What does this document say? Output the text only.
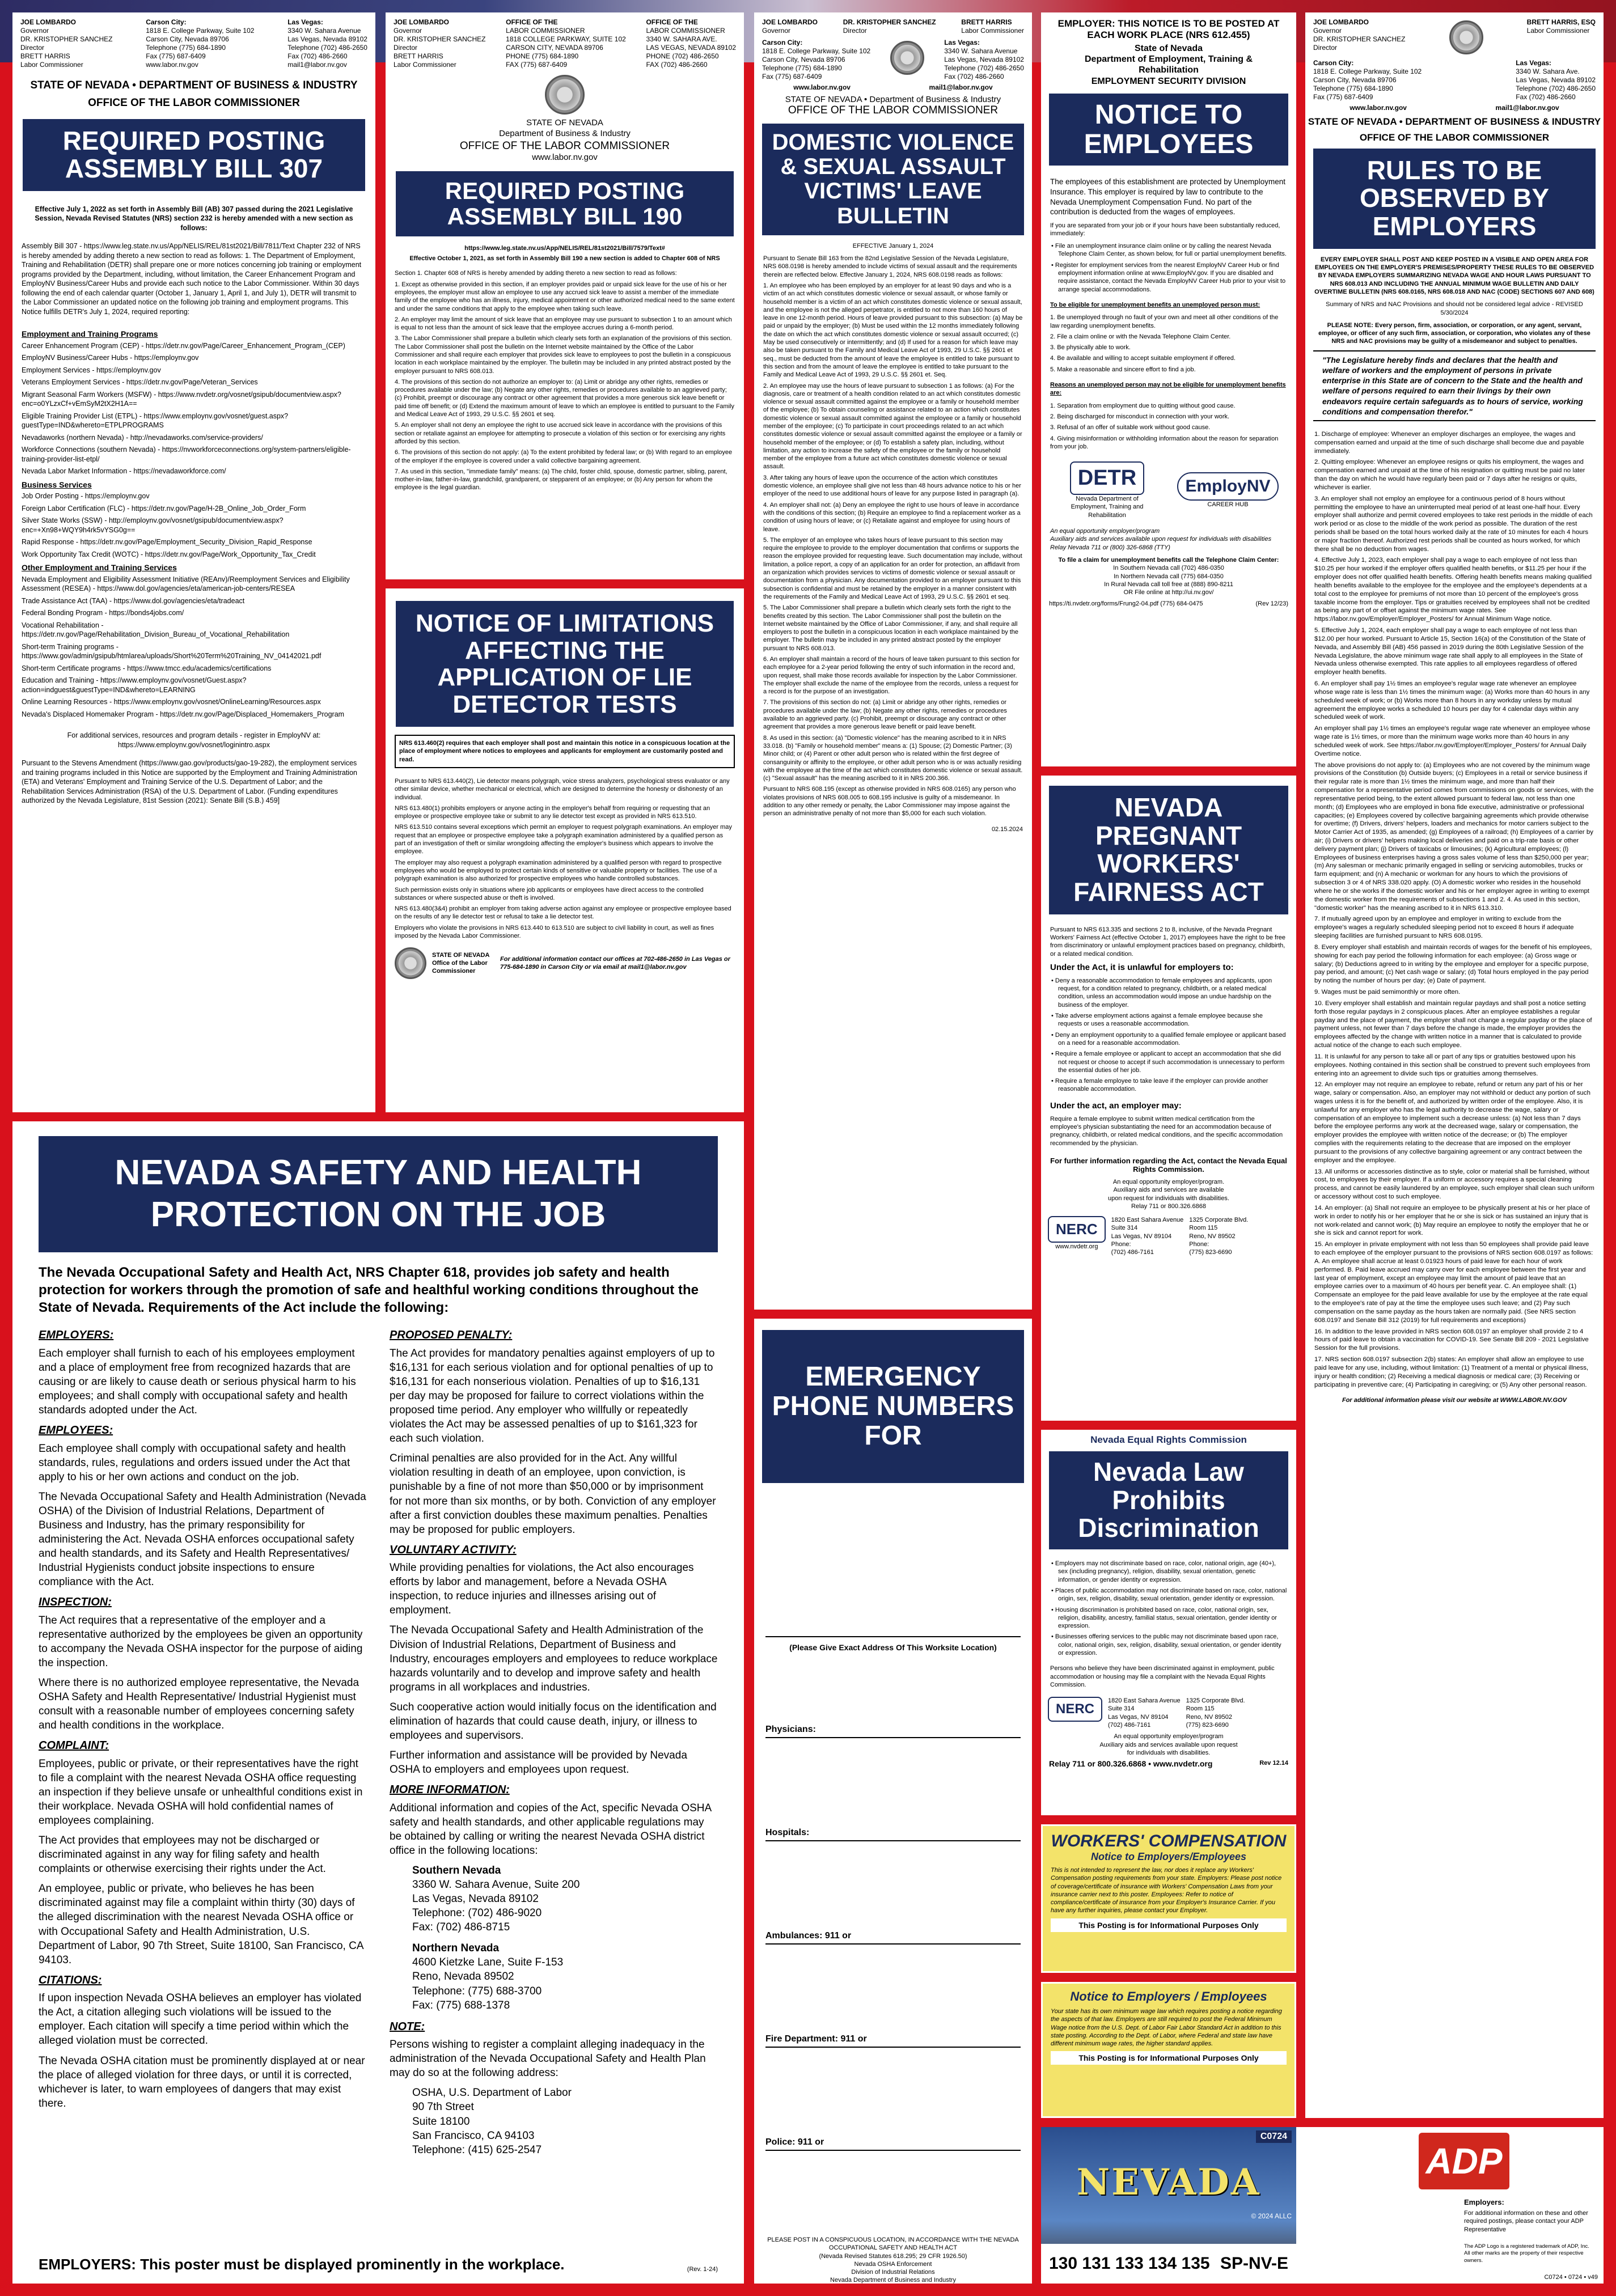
JOE LOMBARDO
Governor
DR. KRISTOPHER SANCHEZ
Director
BRETT HARRIS
Labor Commissioner
Carson City:
1818 E. College Parkway, Suite 102
Carson City, Nevada 89706
Telephone (775) 684-1890
Fax (775) 687-6409
www.labor.nv.gov
Las Vegas:
3340 W. Sahara Avenue
Las Vegas, Nevada 89102
Telephone (702) 486-2650
Fax (702) 486-2660
mail1@labor.nv.gov
STATE OF NEVADA • DEPARTMENT OF BUSINESS & INDUSTRY
OFFICE OF THE LABOR COMMISSIONER
REQUIRED POSTING ASSEMBLY BILL 307
Effective July 1, 2022 as set forth in Assembly Bill (AB) 307 passed during the 2021 Legislative Session, Nevada Revised Statutes (NRS) section 232 is hereby amended with a new section as follows:
Assembly Bill 307 - https://www.leg.state.nv.us/App/NELIS/REL/81st2021/Bill/7811/Text Chapter 232 of NRS is hereby amended by adding thereto a new section to read as follows: 1. The Department of Employment, Training and Rehabilitation (DETR) shall prepare one or more notices concerning job training or employment programs provided by the Department, including, without limitation, the Career Enhancement Program and EmployNV Business/Career Hubs and provide each such notice to the Labor Commissioner. Within 30 days following the end of each calendar quarter (October 1, January 1, April 1, and July 1), DETR will transmit to the Labor Commissioner an updated notice on the following job training and employment programs. This Notice fulfills DETR's July 1, 2024, required reporting:
Employment and Training Programs

Career Enhancement Program (CEP) - https://detr.nv.gov/Page/Career_Enhancement_Program_(CEP)

EmployNV Business/Career Hubs - https://employnv.gov

Employment Services - https://employnv.gov

Veterans Employment Services - https://detr.nv.gov/Page/Veteran_Services

Migrant Seasonal Farm Workers (MSFW) - https://www.nvdetr.org/vosnet/gsipub/documentview.aspx?enc=o0YLzxCf+vEmSyM2tX2H1A==

Eligible Training Provider List (ETPL) - https://www.employnv.gov/vosnet/guest.aspx?guestType=IND&whereto=ETPLPROGRAMS

Nevadaworks (northern Nevada) - http://nevadaworks.com/service-providers/

Workforce Connections (southern Nevada) - https://nvworkforceconnections.org/system-partners/eligible-training-provider-list-etpl/

Nevada Labor Market Information - https://nevadaworkforce.com/

Business Services

Job Order Posting - https://employnv.gov

Foreign Labor Certification (FLC) - https://detr.nv.gov/Page/H-2B_Online_Job_Order_Form

Silver State Works (SSW) - http://employnv.gov/vosnet/gsipub/documentview.aspx?enc=+Xn98+WQY9h4rk5vYSG0g==

Rapid Response - https://detr.nv.gov/Page/Employment_Security_Division_Rapid_Response

Work Opportunity Tax Credit (WOTC) - https://detr.nv.gov/Page/Work_Opportunity_Tax_Credit

Other Employment and Training Services

Nevada Employment and Eligibility Assessment Initiative (REAnv)/Reemployment Services and Eligibility Assessment (RESEA) - https://www.dol.gov/agencies/eta/american-job-centers/RESEA

Trade Assistance Act (TAA) - https://www.dol.gov/agencies/eta/tradeact

Federal Bonding Program - https://bonds4jobs.com/

Vocational Rehabilitation - https://detr.nv.gov/Page/Rehabilitation_Division_Bureau_of_Vocational_Rehabilitation

Short-term Training programs - https://www.gov/admin/gsipub/htmlarea/uploads/Short%20Term%20Training_NV_04142021.pdf

Short-term Certificate programs - https://www.tmcc.edu/academics/certifications

Education and Training - https://www.employnv.gov/vosnet/Guest.aspx?action=indguest&guestType=IND&whereto=LEARNING

Online Learning Resources - https://www.employnv.gov/vosnet/OnlineLearning/Resources.aspx

Nevada's Displaced Homemaker Program - https://detr.nv.gov/Page/Displaced_Homemakers_Program

For additional services, resources and program details - register in EmployNV at: https://www.employnv.gov/vosnet/loginintro.aspx
Pursuant to the Stevens Amendment (https://www.gao.gov/products/gao-19-282), the employment services and training programs included in this Notice are supported by the Employment and Training Administration (ETA) and Veterans' Employment and Training Service of the U.S. Department of Labor; and the Rehabilitation Services Administration (RSA) of the U.S. Department of Labor. (Funding expenditures authorized by the Nevada Legislature, 81st Session (2021): Senate Bill (S.B.) 459]
JOE LOMBARDO
Governor
DR. KRISTOPHER SANCHEZ
Director
BRETT HARRIS
Labor Commissioner
OFFICE OF THE
LABOR COMMISSIONER
1818 COLLEGE PARKWAY, SUITE 102
CARSON CITY, NEVADA 89706
PHONE (775) 684-1890
FAX (775) 687-6409
OFFICE OF THE
LABOR COMMISSIONER
3340 W. SAHARA AVE.
LAS VEGAS, NEVADA 89102
PHONE (702) 486-2650
FAX (702) 486-2660
STATE OF NEVADA
Department of Business & Industry
OFFICE OF THE LABOR COMMISSIONER
www.labor.nv.gov
REQUIRED POSTING ASSEMBLY BILL 190
https://www.leg.state.nv.us/App/NELIS/REL/81st2021/Bill/7579/Text#
Effective October 1, 2021, as set forth in Assembly Bill 190 a new section is added to Chapter 608 of NRS

Section 1. Chapter 608 of NRS is hereby amended by adding thereto a new section to read as follows:

1. Except as otherwise provided in this section, if an employer provides paid or unpaid sick leave for the use of his or her employees, the employer must allow an employee to use any accrued sick leave to assist a member of the immediate family of the employee who has an illness, injury, medical appointment or other authorized medical need to the same extent and under the same conditions that apply to the employee when taking such leave.

2. An employer may limit the amount of sick leave that an employee may use pursuant to subsection 1 to an amount which is equal to not less than the amount of sick leave that the employee accrues during a 6-month period.

3. The Labor Commissioner shall prepare a bulletin which clearly sets forth an explanation of the provisions of this section. The Labor Commissioner shall post the bulletin on the Internet website maintained by the Office of the Labor Commissioner and shall require each employer that provides sick leave to employees to post the bulletin in a conspicuous location in each workplace maintained by the employer. The bulletin may be included in any printed abstract posted by the employer pursuant to NRS 608.013.

4. The provisions of this section do not authorize an employer to: (a) Limit or abridge any other rights, remedies or procedures available under the law; (b) Negate any other rights, remedies or procedures available to an aggrieved party; (c) Prohibit, preempt or discourage any contract or other agreement that provides a more generous sick leave benefit or paid time off benefit; or (d) Extend the maximum amount of leave to which an employee is entitled to pursuant to the Family and Medical Leave Act of 1993, 29 U.S.C. §§ 2601 et seq.

5. An employer shall not deny an employee the right to use accrued sick leave in accordance with the provisions of this section or retaliate against an employee for attempting to prosecute a violation of this section or for exercising any rights afforded by this section.

6. The provisions of this section do not apply: (a) To the extent prohibited by federal law; or (b) With regard to an employee of the employer if the employee is covered under a valid collective bargaining agreement.

7. As used in this section, "immediate family" means: (a) The child, foster child, spouse, domestic partner, sibling, parent, mother-in-law, father-in-law, grandchild, grandparent, or stepparent of an employee; or (b) Any person for whom the employee is the legal guardian.

NOTICE OF LIMITATIONS AFFECTING THE APPLICATION OF LIE DETECTOR TESTS
NRS 613.460(2) requires that each employer shall post and maintain this notice in a conspicuous location at the place of employment where notices to employees and applicants for employment are customarily posted and read.

Pursuant to NRS 613.440(2), Lie detector means polygraph, voice stress analyzers, psychological stress evaluator or any other similar device, whether mechanical or electrical, which are designed to determine the honesty or dishonesty of an individual.

NRS 613.480(1) prohibits employers or anyone acting in the employer's behalf from requiring or requesting that an employee or prospective employee take or submit to any lie detector test except as provided in NRS 613.510.

NRS 613.510 contains several exceptions which permit an employer to request polygraph examinations. An employer may request that an employee or prospective employee take a polygraph examination administered by a qualified person as part of an investigation of theft or similar wrongdoing affecting the employer's business which appears to involve the employee.

The employer may also request a polygraph examination administered by a qualified person with regard to prospective employees who would be employed to protect certain kinds of sensitive or valuable property or facilities. The use of a polygraph examination is also authorized for prospective employees who handle controlled substances.

Such permission exists only in situations where job applicants or employees have direct access to the controlled substances or where suspected abuse or theft is involved.

NRS 613.480(3&4) prohibit an employer from taking adverse action against any employee or prospective employee based on the results of any lie detector test or refusal to take a lie detector test.

Employers who violate the provisions in NRS 613.440 to 613.510 are subject to civil liability in court, as well as fines imposed by the Nevada Labor Commissioner.

STATE OF NEVADA Office of the Labor Commissioner
For additional information contact our offices at 702-486-2650 in Las Vegas or 775-684-1890 in Carson City or via email at mail1@labor.nv.gov
JOE LOMBARDO
Governor
DR. KRISTOPHER SANCHEZ
Director
BRETT HARRIS
Labor Commissioner
Carson City:
1818 E. College Parkway, Suite 102
Carson City, Nevada 89706
Telephone (775) 684-1890
Fax (775) 687-6409
Las Vegas:
3340 W. Sahara Avenue
Las Vegas, Nevada 89102
Telephone (702) 486-2650
Fax (702) 486-2660
www.labor.nv.gov	mail1@labor.nv.gov
STATE OF NEVADA • Department of Business & Industry
OFFICE OF THE LABOR COMMISSIONER
DOMESTIC VIOLENCE & SEXUAL ASSAULT VICTIMS' LEAVE BULLETIN
EFFECTIVE January 1, 2024

Pursuant to Senate Bill 163 from the 82nd Legislative Session of the Nevada Legislature, NRS 608.0198 is hereby amended to include victims of sexual assault and the requirements therein are reflected below. Effective January 1, 2024, NRS 608.0198 reads as follows:

1. An employee who has been employed by an employer for at least 90 days and who is a victim of an act which constitutes domestic violence or sexual assault, or whose family or household member is a victim of an act which constitutes domestic violence or sexual assault, and the employee is not the alleged perpetrator, is entitled to not more than 160 hours of leave in one 12-month period. Hours of leave provided pursuant to this subsection: (a) May be paid or unpaid by the employer; (b) Must be used within the 12 months immediately following the date on which the act which constitutes domestic violence or sexual assault occurred; (c) May be used consecutively or intermittently; and (d) If used for a reason for which leave may also be taken pursuant to the Family and Medical Leave Act of 1993, 29 U.S.C. §§ 2601 et seq., must be deducted from the amount of leave the employee is entitled to take pursuant to this section and from the amount of leave the employee is entitled to take pursuant to the Family and Medical Leave Act of 1993, 29 U.S.C. §§ 2601 et. Seq.

2. An employee may use the hours of leave pursuant to subsection 1 as follows: (a) For the diagnosis, care or treatment of a health condition related to an act which constitutes domestic violence or sexual assault committed against the employee or a family or household member of the employee; (b) To obtain counseling or assistance related to an action which constitutes domestic violence or sexual assault committed against the employee or a family or household member of the employee; (c) To participate in court proceedings related to an act which constitutes domestic violence or sexual assault committed against the employee or a family or household member of the employee; or (d) To establish a safety plan, including, without limitation, any action to increase the safety of the employee or the family or household member of the employee from a future act which constitutes domestic violence or sexual assault.

3. After taking any hours of leave upon the occurrence of the action which constitutes domestic violence, an employee shall give not less than 48 hours advance notice to his or her employer of the need to use additional hours of leave for any purpose listed in paragraph (a).

4. An employer shall not: (a) Deny an employee the right to use hours of leave in accordance with the conditions of this section; (b) Require an employee to find a replacement worker as a condition of using hours of leave; or (c) Retaliate against and employee for using hours of leave.

5. The employer of an employee who takes hours of leave pursuant to this section may require the employee to provide to the employer documentation that confirms or supports the reason the employee provided for requesting leave. Such documentation may include, without limitation, a police report, a copy of an application for an order for protection, an affidavit from an organization which provides services to victims of domestic violence or sexual assault or documentation from a physician. Any documentation provided to an employer pursuant to this subsection is confidential and must be retained by the employer in a manner consistent with the requirements of the Family and Medical Leave Act of 1993, 29 U.S.C. §§ 2601 et seq.

5. The Labor Commissioner shall prepare a bulletin which clearly sets forth the right to the benefits created by this section. The Labor Commissioner shall post the bulletin on the Internet website maintained by the Office of Labor Commissioner, if any, and shall require all employers to post the bulletin in a conspicuous location in each workplace maintained by the employer. The bulletin may be included in any printed abstract posted by the employer pursuant to NRS 608.013.

6. An employer shall maintain a record of the hours of leave taken pursuant to this section for each employee for a 2-year period following the entry of such information in the record and, upon request, shall make those records available for inspection by the Labor Commissioner. The employer shall exclude the name of the employee from the records, unless a request for a record is for the purpose of an investigation.

7. The provisions of this section do not: (a) Limit or abridge any other rights, remedies or procedures available under the law; (b) Negate any other rights, remedies or procedures available to an aggrieved party. (c) Prohibit, preempt or discourage any contract or other agreement that provides a more generous leave benefit or paid leave benefit.

8. As used in this section: (a) "Domestic violence" has the meaning ascribed to it in NRS 33.018. (b) "Family or household member" means a: (1) Spouse; (2) Domestic Partner; (3) Minor child; or (4) Parent or other adult person who is related within the first degree of consanguinity or affinity to the employee, or other adult person who is or was actually residing with the employee at the time of the act which constitutes domestic violence or sexual assault. (c) "Sexual assault" has the meaning ascribed to it in NRS 200.366.

Pursuant to NRS 608.195 (except as otherwise provided in NRS 608.0165) any person who violates provisions of NRS 608.005 to 608.195 inclusive is guilty of a misdemeanor. In addition to any other remedy or penalty, the Labor Commissioner may impose against the person an administrative penalty of not more than $5,000 for each such violation.

02.15.2024
EMERGENCY PHONE NUMBERS FOR
(Please Give Exact Address Of This Worksite Location)
Physicians:
Hospitals:
Ambulances: 911 or
Fire Department: 911 or
Police: 911 or
PLEASE POST IN A CONSPICUOUS LOCATION, IN ACCORDANCE WITH THE NEVADA OCCUPATIONAL SAFETY AND HEALTH ACT
(Nevada Revised Statutes 618.295; 29 CFR 1926.50)
Nevada OSHA Enforcement
Division of Industrial Relations
Nevada Department of Business and Industry
EMPLOYER: THIS NOTICE IS TO BE POSTED AT EACH WORK PLACE (NRS 612.455)
State of Nevada
Department of Employment, Training &
Rehabilitation
EMPLOYMENT SECURITY DIVISION
NOTICE TO EMPLOYEES
The employees of this establishment are protected by Unemployment Insurance. This employer is required by law to contribute to the Nevada Unemployment Compensation Fund. No part of the contribution is deducted from the wages of employees.
If you are separated from your job or if your hours have been substantially reduced, immediately:

• File an unemployment insurance claim online or by calling the nearest Nevada Telephone Claim Center, as shown below, for full or partial unemployment benefits.

• Register for employment services from the nearest EmployNV Career Hub or find employment information online at www.EmployNV.gov. If you are disabled and require assistance, contact the Nevada EmployNV Career Hub prior to your visit to arrange special accommodations.

To be eligible for unemployment benefits an unemployed person must:

1. Be unemployed through no fault of your own and meet all other conditions of the law regarding unemployment benefits.

2. File a claim online or with the Nevada Telephone Claim Center.

3. Be physically able to work.

4. Be available and willing to accept suitable employment if offered.

5. Make a reasonable and sincere effort to find a job.

Reasons an unemployed person may not be eligible for unemployment benefits are:

1. Separation from employment due to quitting without good cause.

2. Being discharged for misconduct in connection with your work.

3. Refusal of an offer of suitable work without good cause.

4. Giving misinformation or withholding information about the reason for separation from your job.

DETR
Nevada Department of Employment, Training and Rehabilitation
EmployNV
CAREER HUB
An equal opportunity employer/program
Auxiliary aids and services available upon request for individuals with disabilities
Relay Nevada 711 or (800) 326-6868 (TTY)
To file a claim for unemployment benefits call the Telephone Claim Center:
In Southern Nevada call (702) 486-0350
In Northern Nevada call (775) 684-0350
In Rural Nevada call toll free at (888) 890-8211
OR File online at http://ui.nv.gov/
https://ti.nvdetr.org/forms/Frung2-04.pdf (775) 684-0475	(Rev 12/23)
NEVADA PREGNANT WORKERS' FAIRNESS ACT
Pursuant to NRS 613.335 and sections 2 to 8, inclusive, of the Nevada Pregnant Workers' Fairness Act (effective October 1, 2017) employees have the right to be free from discriminatory or unlawful employment practices based on pregnancy, childbirth, or a related medical condition.
Under the Act, it is unlawful for employers to:

• Deny a reasonable accommodation to female employees and applicants, upon request, for a condition related to pregnancy, childbirth, or a related medical condition, unless an accommodation would impose an undue hardship on the business of the employer.

• Take adverse employment actions against a female employee because she requests or uses a reasonable accommodation.

• Deny an employment opportunity to a qualified female employee or applicant based on a need for a reasonable accommodation.

• Require a female employee or applicant to accept an accommodation that she did not request or choose to accept if such accommodation is unnecessary to perform the essential duties of her job.

• Require a female employee to take leave if the employer can provide another reasonable accommodation.

Under the act, an employer may:
Require a female employee to submit written medical certification from the employee's physician substantiating the need for an accommodation because of pregnancy, childbirth, or related medical conditions, and the specific accommodation recommended by the physician.
For further information regarding the Act, contact the Nevada Equal Rights Commission.
An equal opportunity employer/program.
Auxiliary aids and services are available
upon request for individuals with disabilities.
Relay 711 or 800.326.6868
NERC
www.nvdetr.org
1820 East Sahara Avenue
Suite 314
Las Vegas, NV 89104
Phone:
(702) 486-7161
1325 Corporate Blvd.
Room 115
Reno, NV 89502
Phone:
(775) 823-6690
Nevada Equal Rights Commission
Nevada Law Prohibits Discrimination

• Employers may not discriminate based on race, color, national origin, age (40+), sex (including pregnancy), religion, disability, sexual orientation, genetic information, or gender identity or expression.

• Places of public accommodation may not discriminate based on race, color, national origin, sex, religion, disability, sexual orientation, gender identity or expression.

• Housing discrimination is prohibited based on race, color, national origin, sex, religion, disability, ancestry, familial status, sexual orientation, gender identity or expression.

• Businesses offering services to the public may not discriminate based upon race, color, national origin, sex, religion, disability, sexual orientation, or gender identity or expression.

Persons who believe they have been discriminated against in employment, public accommodation or housing may file a complaint with the Nevada Equal Rights Commission.
NERC
1820 East Sahara Avenue
Suite 314
Las Vegas, NV 89104
(702) 486-7161
1325 Corporate Blvd.
Room 115
Reno, NV 89502
(775) 823-6690
An equal opportunity employer/program
Auxiliary aids and services available upon request
for individuals with disabilities.
Relay 711 or 800.326.6868 • www.nvdetr.org	Rev 12.14
WORKERS' COMPENSATION
Notice to Employers/Employees
This is not intended to represent the law, nor does it replace any Workers' Compensation posting requirements from your state. Employers: Please post notice of coverage/certificate of insurance with Workers' Compensation Laws from your insurance carrier next to this poster. Employees: Refer to notice of compliance/certificate of insurance from your Employer's Insurance Carrier. If you have any further inquiries, please contact your Employer.
This Posting is for Informational Purposes Only
Notice to Employers / Employees
Your state has its own minimum wage law which requires posting a notice regarding the aspects of that law. Employers are still required to post the Federal Minimum Wage notice from the U.S. Dept. of Labor Fair Labor Standard Act in addition to this state posting. According to the Dept. of Labor, where Federal and state law have different minimum wage rates, the higher standard applies.
This Posting is for Informational Purposes Only
C0724
NEVADA
© 2024 ALLC
130 131 133 134 135 SP-NV-E
JOE LOMBARDO
Governor
DR. KRISTOPHER SANCHEZ
Director
BRETT HARRIS, ESQ
Labor Commissioner
Carson City:
1818 E. College Parkway, Suite 102
Carson City, Nevada 89706
Telephone (775) 684-1890
Fax (775) 687-6409
Las Vegas:
3340 W. Sahara Ave.
Las Vegas, Nevada 89102
Telephone (702) 486-2650
Fax (702) 486-2660
www.labor.nv.gov	mail1@labor.nv.gov
STATE OF NEVADA • DEPARTMENT OF BUSINESS & INDUSTRY
OFFICE OF THE LABOR COMMISSIONER
RULES TO BE OBSERVED BY EMPLOYERS
EVERY EMPLOYER SHALL POST AND KEEP POSTED IN A VISIBLE AND OPEN AREA FOR EMPLOYEES ON THE EMPLOYER'S PREMISES/PROPERTY THESE RULES TO BE OBSERVED BY NEVADA EMPLOYERS SUMMARIZING NEVADA WAGE AND HOUR LAWS PURSUANT TO NRS 608.013 AND INCLUDING THE ANNUAL MINIMUM WAGE BULLETIN AND DAILY OVERTIME BULLETIN (NRS 608.0165, NRS 608.018 AND NAC (CODE) SECTIONS 607 AND 608)
Summary of NRS and NAC Provisions and should not be considered legal advice - REVISED 5/30/2024
PLEASE NOTE: Every person, firm, association, or corporation, or any agent, servant, employee, or officer of any such firm, association, or corporation, who violates any of these NRS and NAC provisions may be guilty of a misdemeanor and subject to penalties.
"The Legislature hereby finds and declares that the health and welfare of workers and the employment of persons in private enterprise in this State are of concern to the State and the health and welfare of persons required to earn their livings by their own endeavors require certain safeguards as to hours of service, working conditions and compensation therefor."

1. Discharge of employee: Whenever an employer discharges an employee, the wages and compensation earned and unpaid at the time of such discharge shall become due and payable immediately.

2. Quitting employee: Whenever an employee resigns or quits his employment, the wages and compensation earned and unpaid at the time of his resignation or quitting must be paid no later than the day on which he would have regularly been paid or 7 days after he resigns or quits, whichever is earlier.

3. An employer shall not employ an employee for a continuous period of 8 hours without permitting the employee to have an uninterrupted meal period of at least one-half hour. Every employer shall authorize and permit covered employees to take rest periods in the middle of each work period or as close to the middle of the work period as possible. The duration of the rest periods shall be based on the total hours worked daily at the rate of 10 minutes for each 4 hours or major fraction thereof. Authorized rest periods shall be counted as hours worked, for which there shall be no deduction from wages.

4. Effective July 1, 2023, each employer shall pay a wage to each employee of not less than $10.25 per hour worked if the employer offers qualified health benefits, or $11.25 per hour if the employer does not offer qualified health benefits. Offering health benefits means making qualified health benefits available to the employee for the employee and the employee's dependents at a total cost to the employee for premiums of not more than 10 percent of the employee's gross taxable income from the employer. Tips or gratuities received by employees shall not be credited as being any part of or offset against the minimum wage rates. See https://labor.nv.gov/Employer/Employer_Posters/ for Annual Minimum Wage notice.

5. Effective July 1, 2024, each employer shall pay a wage to each employee of not less than $12.00 per hour worked. Pursuant to Article 15, Section 16(a) of the Constitution of the State of Nevada, and Assembly Bill (AB) 456 passed in 2019 during the 80th Legislative Session of the Nevada Legislature, the above minimum wage rate shall apply to all employees in the State of Nevada unless otherwise exempted. This rate applies to all employees regardless of offered employer health benefits.

6. An employer shall pay 1½ times an employee's regular wage rate whenever an employee whose wage rate is less than 1½ times the minimum wage: (a) Works more than 40 hours in any scheduled week of work; or (b) Works more than 8 hours in any workday unless by mutual agreement the employee works a scheduled 10 hours per day for 4 calendar days within any scheduled week of work.

An employer shall pay 1½ times an employee's regular wage rate whenever an employee whose wage rate is 1½ times, or more than the minimum wage works more than 40 hours in any scheduled week of work. See https://labor.nv.gov/Employer/Employer_Posters/ for Annual Daily Overtime notice.

The above provisions do not apply to: (a) Employees who are not covered by the minimum wage provisions of the Constitution (b) Outside buyers; (c) Employees in a retail or service business if their regular rate is more than 1½ times the minimum wage, and more than half their compensation for a representative period comes from commissions on goods or services, with the representative period being, to the extent allowed pursuant to federal law, not less than one month; (d) Employees who are employed in bona fide executive, administrative or professional capacities; (e) Employees covered by collective bargaining agreements which provide otherwise for overtime; (f) Drivers, drivers' helpers, loaders and mechanics for motor carriers subject to the Motor Carrier Act of 1935, as amended; (g) Employees of a railroad; (h) Employees of a carrier by air; (i) Drivers or drivers' helpers making local deliveries and paid on a trip-rate basis or other delivery payment plan; (j) Drivers of taxicabs or limousines; (k) Agricultural employees; (l) Employees of business enterprises having a gross sales volume of less than $250,000 per year; (m) Any salesman or mechanic primarily engaged in selling or servicing automobiles, trucks or farm equipment; and (n) A mechanic or workman for any hours to which the provisions of subsection 3 or 4 of NRS 338.020 apply. (O) A domestic worker who resides in the household where he or she works if the domestic worker and his or her employer agree in writing to exempt the domestic worker from the requirements of subsections 1 and 2. 4. As used in this section, "domestic worker" has the meaning ascribed to it in NRS 613.310.

7. If mutually agreed upon by an employee and employer in writing to exclude from the employee's wages a regularly scheduled sleeping period not to exceed 8 hours if adequate sleeping facilities are furnished pursuant to NRS 608.0195.

8. Every employer shall establish and maintain records of wages for the benefit of his employees, showing for each pay period the following information for each employee: (a) Gross wage or salary; (b) Deductions agreed to in writing by the employee and employer for a specific purpose, pay period, and amount; (c) Net cash wage or salary; (d) Total hours employed in the pay period by noting the number of hours per day; (e) Date of payment.

9. Wages must be paid semimonthly or more often.

10. Every employer shall establish and maintain regular paydays and shall post a notice setting forth those regular paydays in 2 conspicuous places. After an employee establishes a regular payday and the place of payment, the employer shall not change a regular payday or the place of payment unless, not fewer than 7 days before the change is made, the employer provides the employees affected by the change with written notice in a manner that is calculated to provide actual notice of the change to each such employee.

11. It is unlawful for any person to take all or part of any tips or gratuities bestowed upon his employees. Nothing contained in this section shall be construed to prevent such employees from entering into an agreement to divide such tips or gratuities among themselves.

12. An employer may not require an employee to rebate, refund or return any part of his or her wage, salary or compensation. Also, an employer may not withhold or deduct any portion of such wages unless it is for the benefit of, and authorized by written order of the employee. Also, it is unlawful for any employer who has the legal authority to decrease the wage, salary or compensation of an employee to implement such a decrease unless: (a) Not less than 7 days before the employee performs any work at the decreased wage, salary or compensation, the employer provides the employee with written notice of the decrease; or (b) The employer complies with the requirements relating to the decrease that are imposed on the employer pursuant to the provisions of any collective bargaining agreement or any contract between the employer and the employee.

13. All uniforms or accessories distinctive as to style, color or material shall be furnished, without cost, to employees by their employer. If a uniform or accessory requires a special cleaning process, and cannot be easily laundered by an employee, such employer shall clean such uniform or accessory without cost to such employee.

14. An employer: (a) Shall not require an employee to be physically present at his or her place of work in order to notify his or her employer that he or she is sick or has sustained an injury that is not work-related and cannot work; (b) May require an employee to notify the employer that he or she is sick and cannot report for work.

15. An employer in private employment with not less than 50 employees shall provide paid leave to each employee of the employer pursuant to the provisions of NRS section 608.0197 as follows: A. An employee shall accrue at least 0.01923 hours of paid leave for each hour of work performed. B. Paid leave accrued may carry over for each employee between the first year and last year of employment, except an employee may limit the amount of paid leave that an employee carries over to a maximum of 40 hours per benefit year. C. An employee shall: (1) Compensate an employee for the paid leave available for use by the employee at the rate equal to the employee's rate of pay at the time the employee uses such leave; and (2) Pay such compensation on the same payday as the hours taken are normally paid. (See NRS section 608.0197 and Senate Bill 312 (2019) for full requirements and exceptions)

16. In addition to the leave provided in NRS section 608.0197 an employer shall provide 2 to 4 hours of paid leave to obtain a vaccination for COVID-19. See Senate Bill 209 - 2021 Legislative Session for the full provisions.

17. NRS section 608.0197 subsection 2(b) states: An employer shall allow an employee to use paid leave for any use, including, without limitation: (1) Treatment of a mental or physical illness, injury or health condition; (2) Receiving a medical diagnosis or medical care; (3) Receiving or participating in preventive care; (4) Participating in caregiving; or (5) Any other personal reason.

For additional information please visit our website at WWW.LABOR.NV.GOV
ADP
Employers:
For additional information on these and other required postings, please contact your ADP Representative
The ADP Logo is a registered trademark of ADP, Inc. All other marks are the property of their respective owners.
C0724 • 0724 • v49
NEVADA SAFETY AND HEALTH PROTECTION ON THE JOB
The Nevada Occupational Safety and Health Act, NRS Chapter 618, provides job safety and health protection for workers through the promotion of safe and healthful working conditions throughout the State of Nevada. Requirements of the Act include the following:
EMPLOYERS:

Each employer shall furnish to each of his employees employment and a place of employment free from recognized hazards that are causing or are likely to cause death or serious physical harm to his employees; and shall comply with occupational safety and health standards adopted under the Act.

EMPLOYEES:

Each employee shall comply with occupational safety and health standards, rules, regulations and orders issued under the Act that apply to his or her own actions and conduct on the job.

The Nevada Occupational Safety and Health Administration (Nevada OSHA) of the Division of Industrial Relations, Department of Business and Industry, has the primary responsibility for administering the Act. Nevada OSHA enforces occupational safety and health standards, and its Safety and Health Representatives/ Industrial Hygienists conduct jobsite inspections to ensure compliance with the Act.

INSPECTION:

The Act requires that a representative of the employer and a representative authorized by the employees be given an opportunity to accompany the Nevada OSHA inspector for the purpose of aiding the inspection.

Where there is no authorized employee representative, the Nevada OSHA Safety and Health Representative/ Industrial Hygienist must consult with a reasonable number of employees concerning safety and health conditions in the workplace.

COMPLAINT:

Employees, public or private, or their representatives have the right to file a complaint with the nearest Nevada OSHA office requesting an inspection if they believe unsafe or unhealthful conditions exist in their workplace. Nevada OSHA will hold confidential names of employees complaining.

The Act provides that employees may not be discharged or discriminated against in any way for filing safety and health complaints or otherwise exercising their rights under the Act.

An employee, public or private, who believes he has been discriminated against may file a complaint within thirty (30) days of the alleged discrimination with the nearest Nevada OSHA office or with Occupational Safety and Health Administration, U.S. Department of Labor, 90 7th Street, Suite 18100, San Francisco, CA 94103.

CITATIONS:

If upon inspection Nevada OSHA believes an employer has violated the Act, a citation alleging such violations will be issued to the employer. Each citation will specify a time period within which the alleged violation must be corrected.

The Nevada OSHA citation must be prominently displayed at or near the place of alleged violation for three days, or until it is corrected, whichever is later, to warn employees of dangers that may exist there.

PROPOSED PENALTY:

The Act provides for mandatory penalties against employers of up to $16,131 for each serious violation and for optional penalties of up to $16,131 for each nonserious violation. Penalties of up to $16,131 per day may be proposed for failure to correct violations within the proposed time period. Any employer who willfully or repeatedly violates the Act may be assessed penalties of up to $161,323 for each such violation.

Criminal penalties are also provided for in the Act. Any willful violation resulting in death of an employee, upon conviction, is punishable by a fine of not more than $50,000 or by imprisonment for not more than six months, or by both. Conviction of any employer after a first conviction doubles these maximum penalties. Penalties may be proposed for public employers.

VOLUNTARY ACTIVITY:

While providing penalties for violations, the Act also encourages efforts by labor and management, before a Nevada OSHA inspection, to reduce injuries and illnesses arising out of employment.

The Nevada Occupational Safety and Health Administration of the Division of Industrial Relations, Department of Business and Industry, encourages employers and employees to reduce workplace hazards voluntarily and to develop and improve safety and health programs in all workplaces and industries.

Such cooperative action would initially focus on the identification and elimination of hazards that could cause death, injury, or illness to employees and supervisors.

Further information and assistance will be provided by Nevada OSHA to employers and employees upon request.

MORE INFORMATION:

Additional information and copies of the Act, specific Nevada OSHA safety and health standards, and other applicable regulations may be obtained by calling or writing the nearest Nevada OSHA district office in the following locations:

Southern Nevada
3360 W. Sahara Avenue, Suite 200
Las Vegas, Nevada 89102
Telephone: (702) 486-9020
Fax: (702) 486-8715
Northern Nevada
4600 Kietzke Lane, Suite F-153
Reno, Nevada 89502
Telephone: (775) 688-3700
Fax: (775) 688-1378
NOTE:

Persons wishing to register a complaint alleging inadequacy in the administration of the Nevada Occupational Safety and Health Plan may do so at the following address:

OSHA, U.S. Department of Labor
90 7th Street
Suite 18100
San Francisco, CA 94103
Telephone: (415) 625-2547
EMPLOYERS: This poster must be displayed prominently in the workplace.	(Rev. 1-24)
